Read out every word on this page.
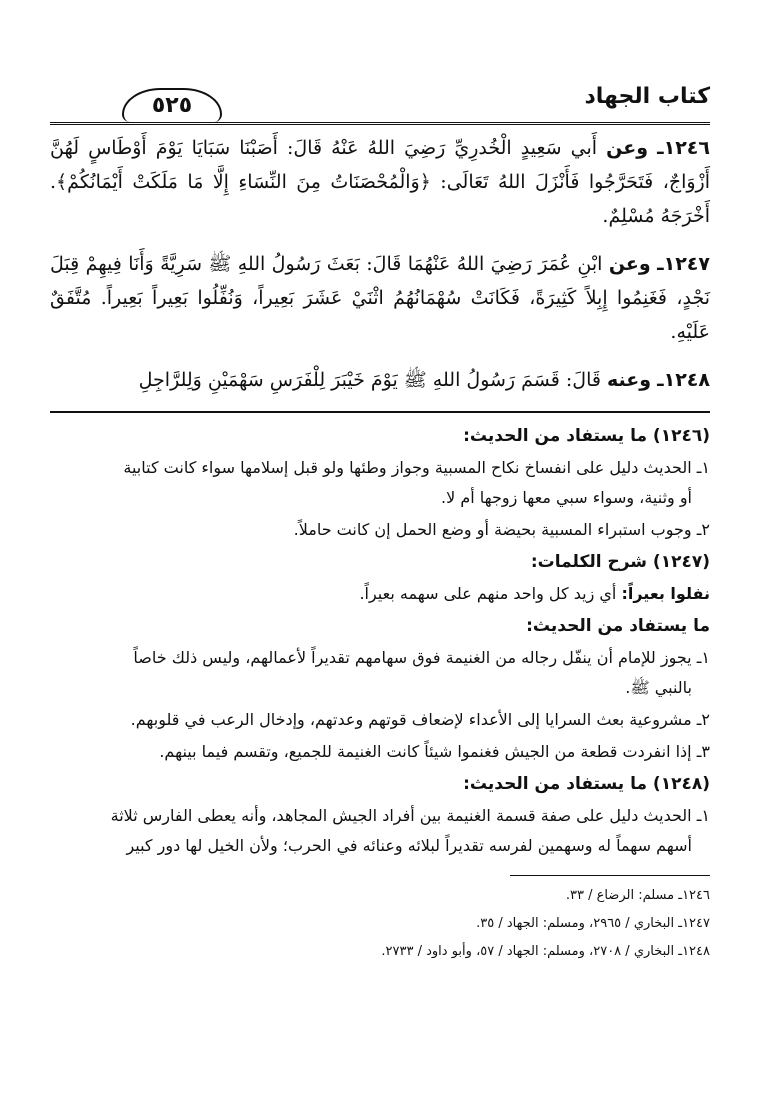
كتاب الجهاد
٥٢٥

١٢٤٦ـ وعن أَبي سَعِيدٍ الْخُدرِيِّ رَضِيَ اللهُ عَنْهُ قَالَ: أَصَبْنَا سَبَايَا يَوْمَ أَوْطَاسٍ لَهُنَّ أَزْوَاجٌ، فَتَحَرَّجُوا فَأَنْزَلَ اللهُ تَعَالَى: ﴿وَالْمُحْصَنَاتُ مِنَ النِّسَاءِ إِلَّا مَا مَلَكَتْ أَيْمَانُكُمْ﴾. أَخْرَجَهُ مُسْلِمٌ.

١٢٤٧ـ وعن ابْنِ عُمَرَ رَضِيَ اللهُ عَنْهُمَا قَالَ: بَعَثَ رَسُولُ اللهِ ﷺ سَرِيَّةً وَأَنَا فِيهِمْ قِبَلَ نَجْدٍ، فَغَنِمُوا إِبِلاً كَثِيرَةً، فَكَانَتْ سُهْمَانُهُمُ اثْنَيْ عَشَرَ بَعِيراً، وَنُفِّلُوا بَعِيراً بَعِيراً. مُتَّفَقٌ عَلَيْهِ.

١٢٤٨ـ وعنه قَالَ: قَسَمَ رَسُولُ اللهِ ﷺ يَوْمَ خَيْبَرَ لِلْفَرَسِ سَهْمَيْنِ وَلِلرَّاجِلِ

(١٢٤٦) ما يستفاد من الحديث:
١ـ الحديث دليل على انفساخ نكاح المسبية وجواز وطئها ولو قبل إسلامها سواء كانت كتابية
أو وثنية، وسواء سبي معها زوجها أم لا.
٢ـ وجوب استبراء المسبية بحيضة أو وضع الحمل إن كانت حاملاً.
(١٢٤٧) شرح الكلمات:
نفلوا بعيراً: أي زيد كل واحد منهم على سهمه بعيراً.
ما يستفاد من الحديث:
١ـ يجوز للإمام أن ينفّل رجاله من الغنيمة فوق سهامهم تقديراً لأعمالهم، وليس ذلك خاصاً
بالنبي ﷺ.
٢ـ مشروعية بعث السرايا إلى الأعداء لإضعاف قوتهم وعدتهم، وإدخال الرعب في قلوبهم.
٣ـ إذا انفردت قطعة من الجيش فغنموا شيئاً كانت الغنيمة للجميع، وتقسم فيما بينهم.
(١٢٤٨) ما يستفاد من الحديث:
١ـ الحديث دليل على صفة قسمة الغنيمة بين أفراد الجيش المجاهد، وأنه يعطى الفارس ثلاثة
أسهم سهماً له وسهمين لفرسه تقديراً لبلائه وعنائه في الحرب؛ ولأن الخيل لها دور كبير
١٢٤٦ـ مسلم: الرضاع / ٣٣.
١٢٤٧ـ البخاري / ٢٩٦٥، ومسلم: الجهاد / ٣٥.
١٢٤٨ـ البخاري / ٢٧٠٨، ومسلم: الجهاد / ٥٧، وأبو داود / ٢٧٣٣.
